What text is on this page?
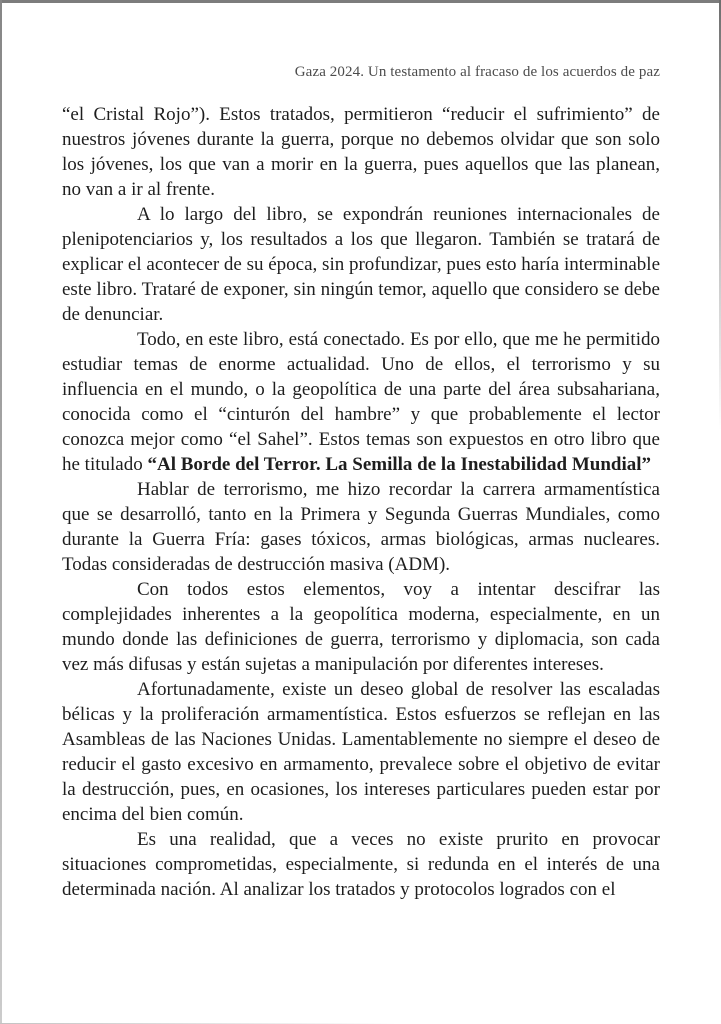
Gaza 2024. Un testamento al fracaso de los acuerdos de paz

“el Cristal Rojo”). Estos tratados, permitieron “reducir el sufrimiento” de nuestros jóvenes durante la guerra, porque no debemos olvidar que son solo los jóvenes, los que van a morir en la guerra, pues aquellos que las planean, no van a ir al frente.

A lo largo del libro, se expondrán reuniones internacionales de plenipotenciarios y, los resultados a los que llegaron. También se tratará de explicar el acontecer de su época, sin profundizar, pues esto haría interminable este libro. Trataré de exponer, sin ningún temor, aquello que considero se debe de denunciar.

Todo, en este libro, está conectado. Es por ello, que me he permitido estudiar temas de enorme actualidad. Uno de ellos, el terrorismo y su influencia en el mundo, o la geopolítica de una parte del área subsahariana, conocida como el “cinturón del hambre” y que probablemente el lector conozca mejor como “el Sahel”. Estos temas son expuestos en otro libro que he titulado “Al Borde del Terror. La Semilla de la Inestabilidad Mundial”

Hablar de terrorismo, me hizo recordar la carrera armamentística que se desarrolló, tanto en la Primera y Segunda Guerras Mundiales, como durante la Guerra Fría: gases tóxicos, armas biológicas, armas nucleares. Todas consideradas de destrucción masiva (ADM).

Con todos estos elementos, voy a intentar descifrar las complejidades inherentes a la geopolítica moderna, especialmente, en un mundo donde las definiciones de guerra, terrorismo y diplomacia, son cada vez más difusas y están sujetas a manipulación por diferentes intereses.

Afortunadamente, existe un deseo global de resolver las escaladas bélicas y la proliferación armamentística. Estos esfuerzos se reflejan en las Asambleas de las Naciones Unidas. Lamentablemente no siempre el deseo de reducir el gasto excesivo en armamento, prevalece sobre el objetivo de evitar la destrucción, pues, en ocasiones, los intereses particulares pueden estar por encima del bien común.

Es una realidad, que a veces no existe prurito en provocar situaciones comprometidas, especialmente, si redunda en el interés de una determinada nación. Al analizar los tratados y protocolos logrados con el
